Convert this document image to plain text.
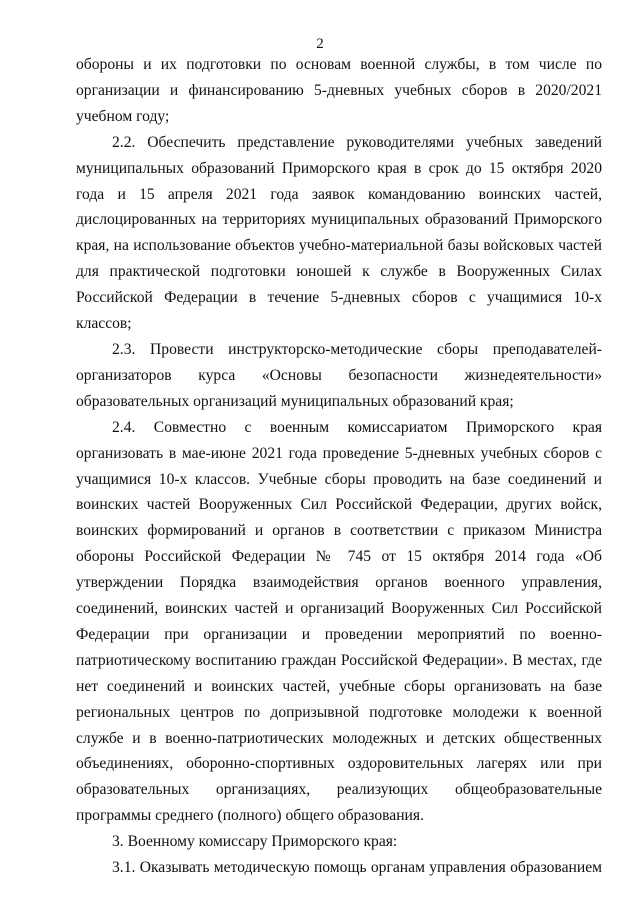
2

обороны и их подготовки по основам военной службы, в том числе по организации и финансированию 5-дневных учебных сборов в 2020/2021 учебном году;

2.2. Обеспечить представление руководителями учебных заведений муниципальных образований Приморского края в срок до 15 октября 2020 года и 15 апреля 2021 года заявок командованию воинских частей, дислоцированных на территориях муниципальных образований Приморского края, на использование объектов учебно-материальной базы войсковых частей для практической подготовки юношей к службе в Вооруженных Силах Российской Федерации в течение 5-дневных сборов с учащимися 10-х классов;

2.3. Провести инструкторско-методические сборы преподавателей-организаторов курса «Основы безопасности жизнедеятельности» образовательных организаций муниципальных образований края;

2.4. Совместно с военным комиссариатом Приморского края организовать в мае-июне 2021 года проведение 5-дневных учебных сборов с учащимися 10-х классов. Учебные сборы проводить на базе соединений и воинских частей Вооруженных Сил Российской Федерации, других войск, воинских формирований и органов в соответствии с приказом Министра обороны Российской Федерации № 745 от 15 октября 2014 года «Об утверждении Порядка взаимодействия органов военного управления, соединений, воинских частей и организаций Вооруженных Сил Российской Федерации при организации и проведении мероприятий по военно-патриотическому воспитанию граждан Российской Федерации». В местах, где нет соединений и воинских частей, учебные сборы организовать на базе региональных центров по допризывной подготовке молодежи к военной службе и в военно-патриотических молодежных и детских общественных объединениях, оборонно-спортивных оздоровительных лагерях или при образовательных организациях, реализующих общеобразовательные программы среднего (полного) общего образования.

3. Военному комиссару Приморского края:

3.1. Оказывать методическую помощь органам управления образованием
